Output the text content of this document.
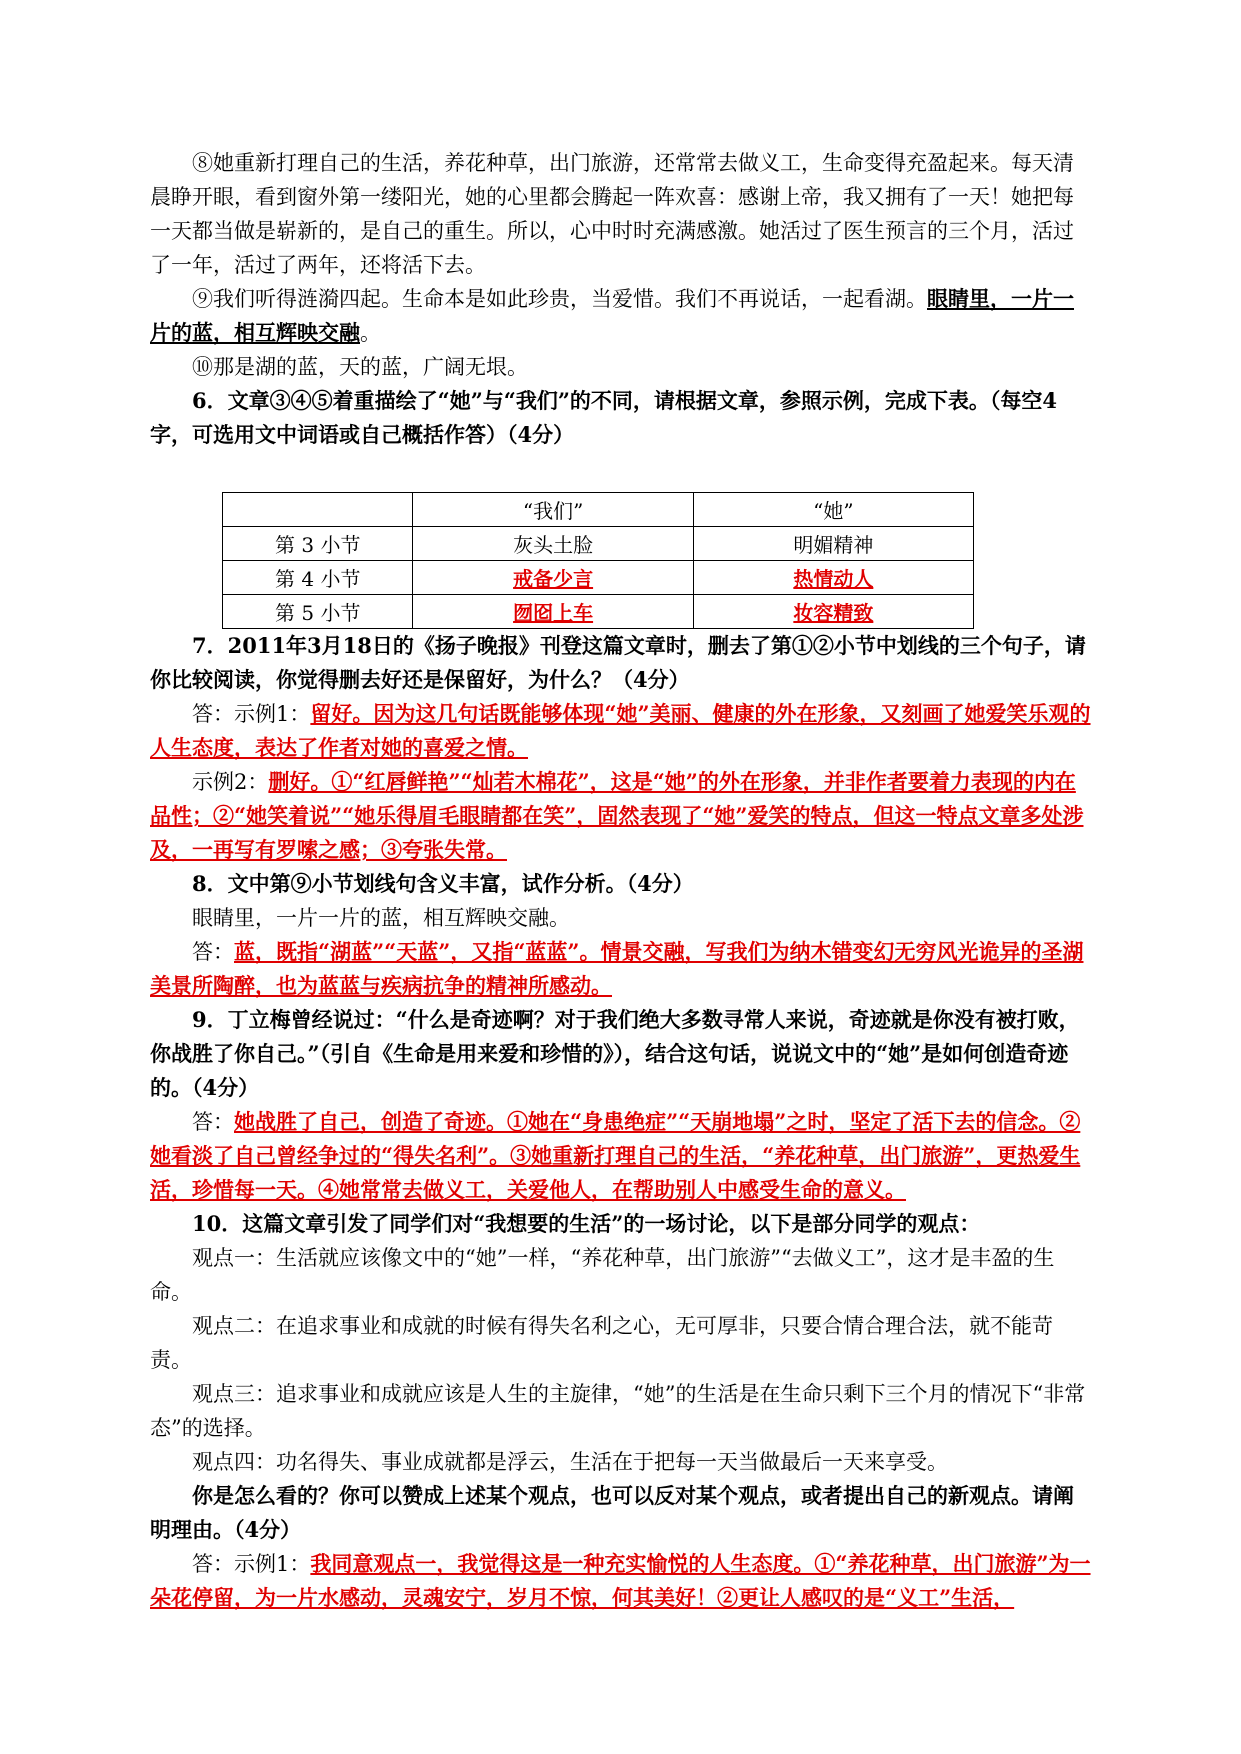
⑧她重新打理自己的生活，养花种草，出门旅游，还常常去做义工，生命变得充盈起来。每天清晨睁开眼，看到窗外第一缕阳光，她的心里都会腾起一阵欢喜：感谢上帝，我又拥有了一天！她把每一天都当做是崭新的，是自己的重生。所以，心中时时充满感激。她活过了医生预言的三个月，活过了一年，活过了两年，还将活下去。

⑨我们听得涟漪四起。生命本是如此珍贵，当爱惜。我们不再说话，一起看湖。眼睛里，一片一片的蓝，相互辉映交融。

⑩那是湖的蓝，天的蓝，广阔无垠。

6．文章③④⑤着重描绘了“她”与“我们”的不同，请根据文章，参照示例，完成下表。（每空4字，可选用文中词语或自己概括作答）（4分）

	“我们”	“她”
第 3 小节	灰头土脸	明媚精神
第 4 小节	戒备少言	热情动人
第 5 小节	囫囵上车	妆容精致

7．2011年3月18日的《扬子晚报》刊登这篇文章时，删去了第①②小节中划线的三个句子，请你比较阅读，你觉得删去好还是保留好，为什么？（4分）

答：示例1：留好。因为这几句话既能够体现“她”美丽、健康的外在形象，又刻画了她爱笑乐观的人生态度，表达了作者对她的喜爱之情。

示例2：删好。①“红唇鲜艳”“灿若木棉花”，这是“她”的外在形象，并非作者要着力表现的内在品性；②“她笑着说”“她乐得眉毛眼睛都在笑”，固然表现了“她”爱笑的特点，但这一特点文章多处涉及，一再写有罗嗦之感；③夸张失常。

8．文中第⑨小节划线句含义丰富，试作分析。（4分）

眼睛里，一片一片的蓝，相互辉映交融。

答：蓝，既指“湖蓝”“天蓝”，又指“蓝蓝”。情景交融，写我们为纳木错变幻无穷风光诡异的圣湖美景所陶醉，也为蓝蓝与疾病抗争的精神所感动。

9．丁立梅曾经说过：“什么是奇迹啊？对于我们绝大多数寻常人来说，奇迹就是你没有被打败，你战胜了你自己。”（引自《生命是用来爱和珍惜的》），结合这句话，说说文中的“她”是如何创造奇迹的。（4分）

答：她战胜了自己，创造了奇迹。①她在“身患绝症”“天崩地塌”之时，坚定了活下去的信念。②她看淡了自己曾经争过的“得失名利”。③她重新打理自己的生活，“养花种草，出门旅游”，更热爱生活，珍惜每一天。④她常常去做义工，关爱他人，在帮助别人中感受生命的意义。

10．这篇文章引发了同学们对“我想要的生活”的一场讨论，以下是部分同学的观点：

观点一：生活就应该像文中的“她”一样，“养花种草，出门旅游”“去做义工”，这才是丰盈的生命。

观点二：在追求事业和成就的时候有得失名利之心，无可厚非，只要合情合理合法，就不能苛责。

观点三：追求事业和成就应该是人生的主旋律，“她”的生活是在生命只剩下三个月的情况下“非常态”的选择。

观点四：功名得失、事业成就都是浮云，生活在于把每一天当做最后一天来享受。

你是怎么看的？你可以赞成上述某个观点，也可以反对某个观点，或者提出自己的新观点。请阐明理由。（4分）

答：示例1：我同意观点一，我觉得这是一种充实愉悦的人生态度。①“养花种草，出门旅游”为一朵花停留，为一片水感动，灵魂安宁，岁月不惊，何其美好！②更让人感叹的是“义工”生活，
